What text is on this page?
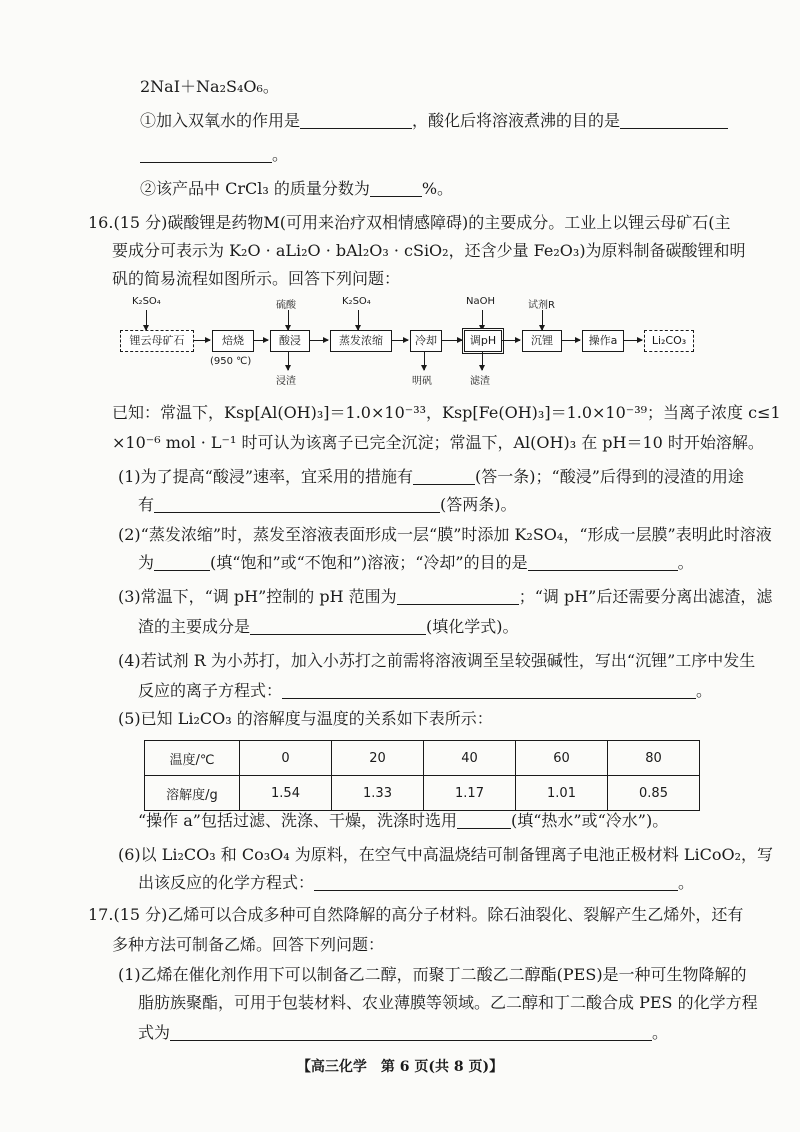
2NaI＋Na₂S₄O₆。
①加入双氧水的作用是	，酸化后将溶液煮沸的目的是
。
②该产品中 CrCl₃ 的质量分数为	%。
16.(15 分)碳酸锂是药物M(可用来治疗双相情感障碍)的主要成分。工业上以锂云母矿石(主
要成分可表示为 K₂O · aLi₂O · bAl₂O₃ · cSiO₂，还含少量 Fe₂O₃)为原料制备碳酸锂和明
矾的简易流程如图所示。回答下列问题：
K₂SO₄	硫酸	K₂SO₄	NaOH	试剂R
锂云母矿石	焙烧	酸浸	蒸发浓缩	冷却	调pH	沉锂	操作a	Li₂CO₃
(950 ℃)
浸渣	明矾	滤渣
已知：常温下，Ksp[Al(OH)₃]＝1.0×10⁻³³，Ksp[Fe(OH)₃]＝1.0×10⁻³⁹；当离子浓度 c≤1
×10⁻⁶ mol · L⁻¹ 时可认为该离子已完全沉淀；常温下，Al(OH)₃ 在 pH＝10 时开始溶解。
(1)为了提高“酸浸”速率，宜采用的措施有	(答一条)；“酸浸”后得到的浸渣的用途
有	(答两条)。
(2)“蒸发浓缩”时，蒸发至溶液表面形成一层“膜”时添加 K₂SO₄，“形成一层膜”表明此时溶液
为	(填“饱和”或“不饱和”)溶液；“冷却”的目的是	。
(3)常温下，“调 pH”控制的 pH 范围为	；“调 pH”后还需要分离出滤渣，滤
渣的主要成分是	(填化学式)。
(4)若试剂 R 为小苏打，加入小苏打之前需将溶液调至呈较强碱性，写出“沉锂”工序中发生
反应的离子方程式：	。
(5)已知 Li₂CO₃ 的溶解度与温度的关系如下表所示：
温度/℃	0	20	40	60	80
溶解度/g	1.54	1.33	1.17	1.01	0.85
“操作 a”包括过滤、洗涤、干燥，洗涤时选用	(填“热水”或“冷水”)。
(6)以 Li₂CO₃ 和 Co₃O₄ 为原料，在空气中高温烧结可制备锂离子电池正极材料 LiCoO₂，写
出该反应的化学方程式：	。
17.(15 分)乙烯可以合成多种可自然降解的高分子材料。除石油裂化、裂解产生乙烯外，还有
多种方法可制备乙烯。回答下列问题：
(1)乙烯在催化剂作用下可以制备乙二醇，而聚丁二酸乙二醇酯(PES)是一种可生物降解的
脂肪族聚酯，可用于包装材料、农业薄膜等领域。乙二醇和丁二酸合成 PES 的化学方程
式为	。
【高三化学　第 6 页(共 8 页)】
